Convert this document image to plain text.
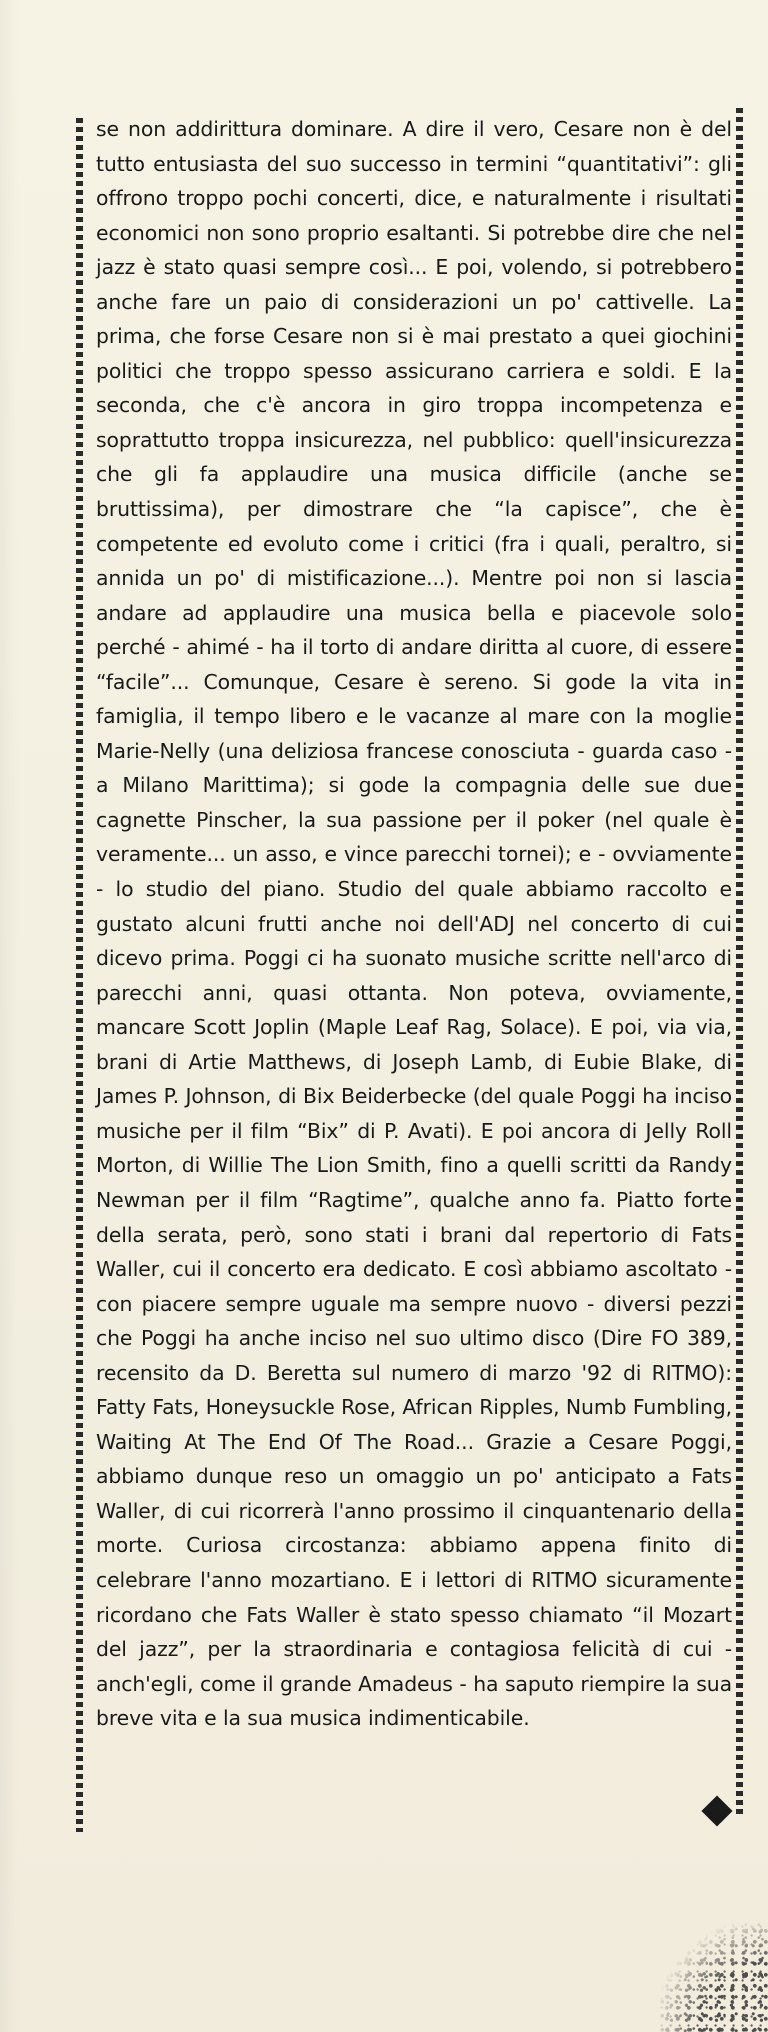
se non addirittura dominare. A dire il vero, Cesare non è del tutto entusiasta del suo successo in termini “quantitativi”: gli offrono troppo pochi concerti, dice, e naturalmente i risultati economici non sono proprio esaltanti. Si potrebbe dire che nel jazz è stato quasi sempre così... E poi, volendo, si potrebbero anche fare un paio di considerazioni un po' cattivelle. La prima, che forse Cesare non si è mai prestato a quei giochini politici che troppo spesso assicurano carriera e soldi. E la seconda, che c'è ancora in giro troppa incompetenza e soprattutto troppa insicurezza, nel pubblico: quell'insicurezza che gli fa applaudire una musica difficile (anche se bruttissima), per dimostrare che “la capisce”, che è competente ed evoluto come i critici (fra i quali, peraltro, si annida un po' di mistificazione...). Mentre poi non si lascia andare ad applaudire una musica bella e piacevole solo perché - ahimé - ha il torto di andare diritta al cuore, di essere “facile”... Comunque, Cesare è sereno. Si gode la vita in famiglia, il tempo libero e le vacanze al mare con la moglie Marie-Nelly (una deliziosa francese conosciuta - guarda caso - a Milano Marittima); si gode la compagnia delle sue due cagnette Pinscher, la sua passione per il poker (nel quale è veramente... un asso, e vince parecchi tornei); e - ovviamente - lo studio del piano. Studio del quale abbiamo raccolto e gustato alcuni frutti anche noi dell'ADJ nel concerto di cui dicevo prima. Poggi ci ha suonato musiche scritte nell'arco di parecchi anni, quasi ottanta. Non poteva, ovviamente, mancare Scott Joplin (Maple Leaf Rag, Solace). E poi, via via, brani di Artie Matthews, di Joseph Lamb, di Eubie Blake, di James P. Johnson, di Bix Beiderbecke (del quale Poggi ha inciso musiche per il film “Bix” di P. Avati). E poi ancora di Jelly Roll Morton, di Willie The Lion Smith, fino a quelli scritti da Randy Newman per il film “Ragtime”, qualche anno fa. Piatto forte della serata, però, sono stati i brani dal repertorio di Fats Waller, cui il concerto era dedicato. E così abbiamo ascoltato - con piacere sempre uguale ma sempre nuovo - diversi pezzi che Poggi ha anche inciso nel suo ultimo disco (Dire FO 389, recensito da D. Beretta sul numero di marzo '92 di RITMO): Fatty Fats, Honeysuckle Rose, African Ripples, Numb Fumbling, Waiting At The End Of The Road... Grazie a Cesare Poggi, abbiamo dunque reso un omaggio un po' anticipato a Fats Waller, di cui ricorrerà l'anno prossimo il cinquantenario della morte. Curiosa circostanza: abbiamo appena finito di celebrare l'anno mozartiano. E i lettori di RITMO sicuramente ricordano che Fats Waller è stato spesso chiamato “il Mozart del jazz”, per la straordinaria e contagiosa felicità di cui - anch'egli, come il grande Amadeus - ha saputo riempire la sua breve vita e la sua musica indimenticabile.
